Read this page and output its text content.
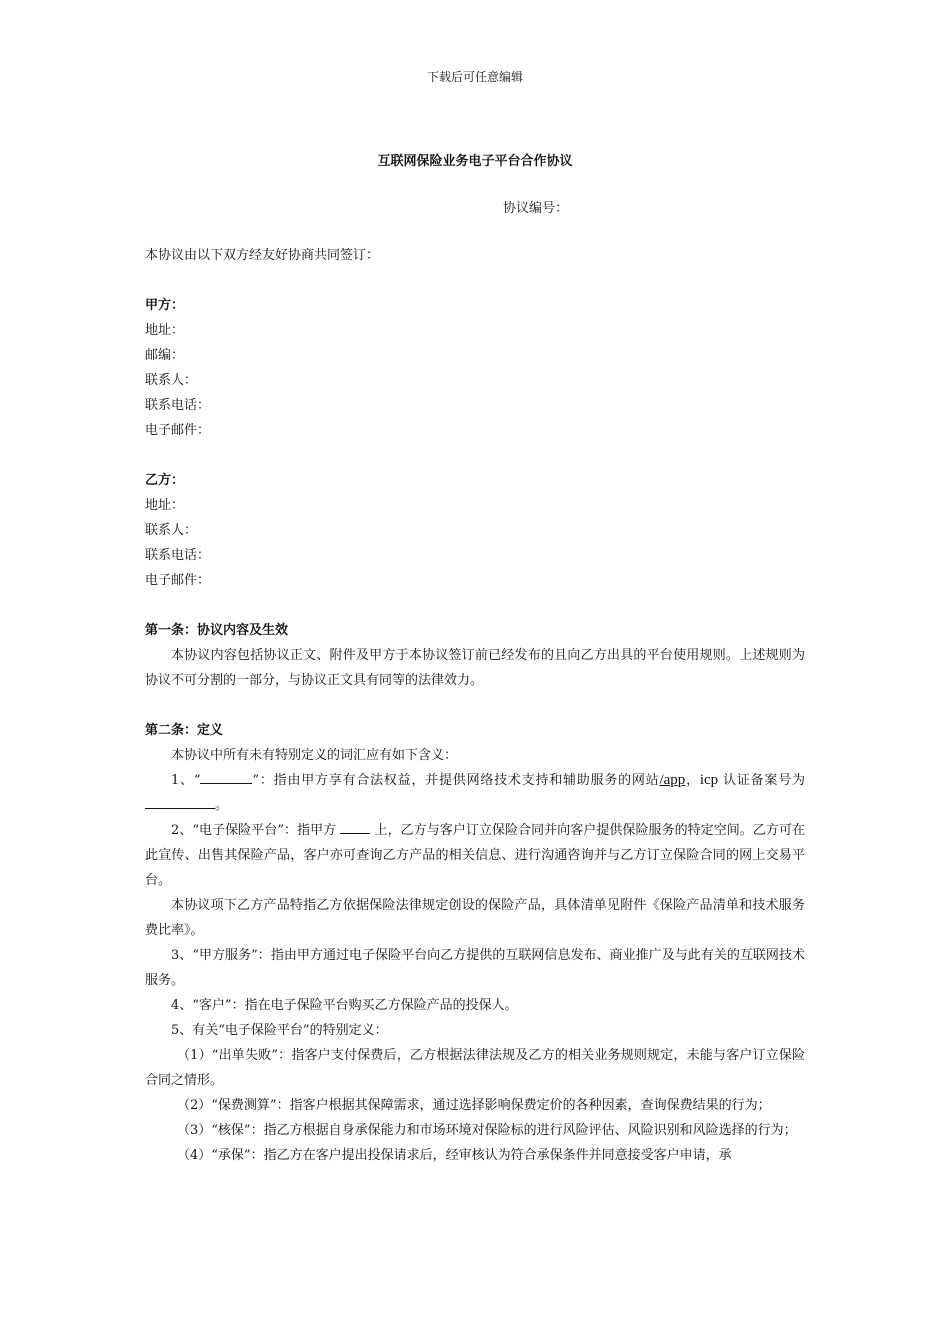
下载后可任意编辑
互联网保险业务电子平台合作协议
协议编号：

本协议由以下双方经友好协商共同签订：

甲方：

地址：

邮编：

联系人：

联系电话：

电子邮件：

乙方：

地址：

联系人：

联系电话：

电子邮件：

第一条：协议内容及生效

本协议内容包括协议正文、附件及甲方于本协议签订前已经发布的且向乙方出具的平台使用规则。上述规则为协议不可分割的一部分，与协议正文具有同等的法律效力。

第二条：定义

本协议中所有未有特别定义的词汇应有如下含义：

1、“	”：指由甲方享有合法权益，并提供网络技术支持和辅助服务的网站/app，icp 认证备案号为。

2、“电子保险平台”：指甲方  上，乙方与客户订立保险合同并向客户提供保险服务的特定空间。乙方可在此宣传、出售其保险产品，客户亦可查询乙方产品的相关信息、进行沟通咨询并与乙方订立保险合同的网上交易平台。

本协议项下乙方产品特指乙方依据保险法律规定创设的保险产品，具体清单见附件《保险产品清单和技术服务费比率》。

3、“甲方服务”：指由甲方通过电子保险平台向乙方提供的互联网信息发布、商业推广及与此有关的互联网技术服务。

4、“客户”：指在电子保险平台购买乙方保险产品的投保人。

5、有关“电子保险平台”的特别定义：

（1）“出单失败”：指客户支付保费后，乙方根据法律法规及乙方的相关业务规则规定，未能与客户订立保险合同之情形。

（2）“保费测算”：指客户根据其保障需求，通过选择影响保费定价的各种因素，查询保费结果的行为；

（3）“核保”：指乙方根据自身承保能力和市场环境对保险标的进行风险评估、风险识别和风险选择的行为；

（4）“承保”：指乙方在客户提出投保请求后，经审核认为符合承保条件并同意接受客户申请，承
